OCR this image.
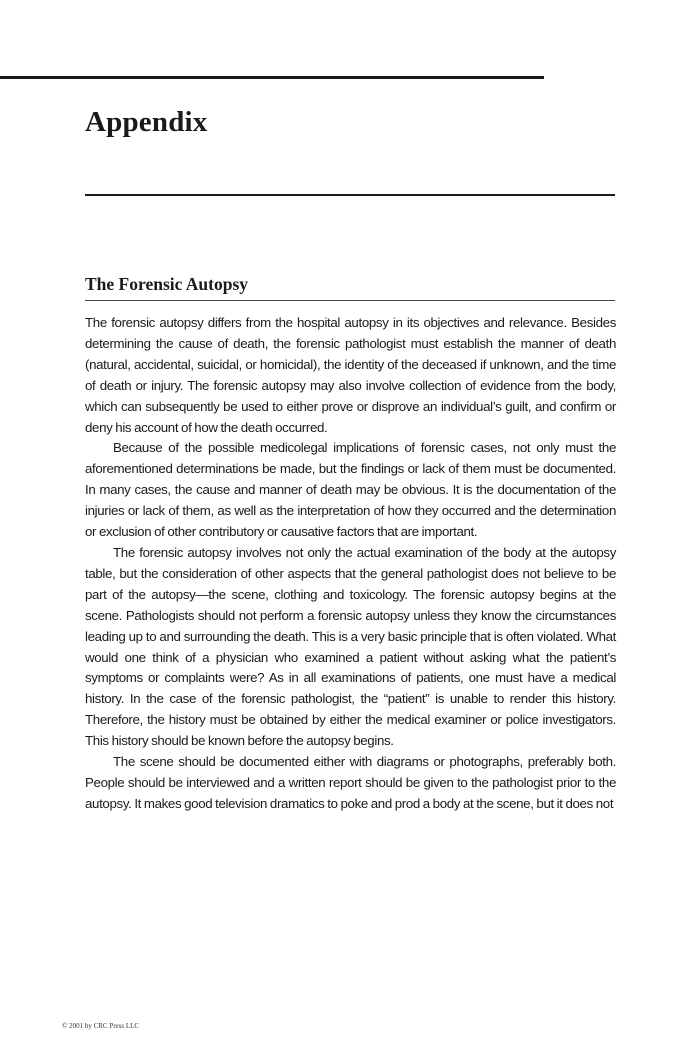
Appendix
The Forensic Autopsy

The forensic autopsy differs from the hospital autopsy in its objectives and relevance. Besides determining the cause of death, the forensic pathologist must establish the manner of death (natural, accidental, suicidal, or homicidal), the identity of the deceased if unknown, and the time of death or injury. The forensic autopsy may also involve collection of evidence from the body, which can subsequently be used to either prove or disprove an individual’s guilt, and confirm or deny his account of how the death occurred.

Because of the possible medicolegal implications of forensic cases, not only must the aforementioned determinations be made, but the findings or lack of them must be documented. In many cases, the cause and manner of death may be obvious. It is the documentation of the injuries or lack of them, as well as the interpretation of how they occurred and the determination or exclusion of other contributory or causative factors that are important.

The forensic autopsy involves not only the actual examination of the body at the autopsy table, but the consideration of other aspects that the general pathologist does not believe to be part of the autopsy—the scene, clothing and toxicology. The forensic autopsy begins at the scene. Pathologists should not perform a forensic autopsy unless they know the circumstances leading up to and surrounding the death. This is a very basic principle that is often violated. What would one think of a physician who examined a patient without asking what the patient’s symptoms or complaints were? As in all examinations of patients, one must have a medical history. In the case of the forensic pathologist, the “patient” is unable to render this history. Therefore, the history must be obtained by either the medical examiner or police investigators. This history should be known before the autopsy begins.

The scene should be documented either with diagrams or photographs, preferably both. People should be interviewed and a written report should be given to the pathologist prior to the autopsy. It makes good television dramatics to poke and prod a body at the scene, but it does not

© 2001 by CRC Press LLC
